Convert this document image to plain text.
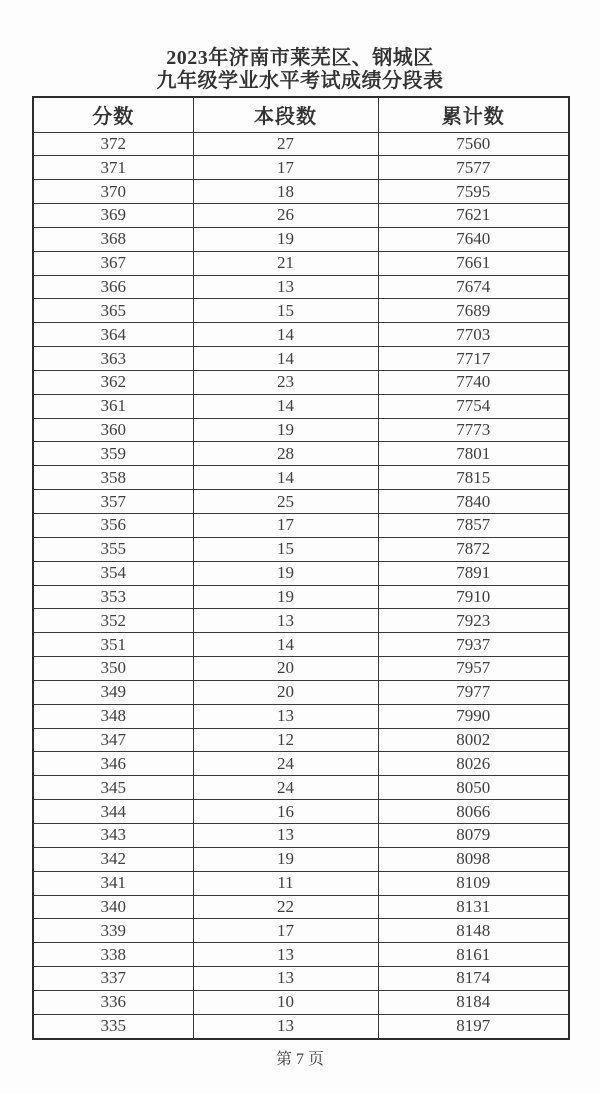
2023年济南市莱芜区、钢城区
九年级学业水平考试成绩分段表
分数	本段数	累计数
372	27	7560
371	17	7577
370	18	7595
369	26	7621
368	19	7640
367	21	7661
366	13	7674
365	15	7689
364	14	7703
363	14	7717
362	23	7740
361	14	7754
360	19	7773
359	28	7801
358	14	7815
357	25	7840
356	17	7857
355	15	7872
354	19	7891
353	19	7910
352	13	7923
351	14	7937
350	20	7957
349	20	7977
348	13	7990
347	12	8002
346	24	8026
345	24	8050
344	16	8066
343	13	8079
342	19	8098
341	11	8109
340	22	8131
339	17	8148
338	13	8161
337	13	8174
336	10	8184
335	13	8197
第 7 页
